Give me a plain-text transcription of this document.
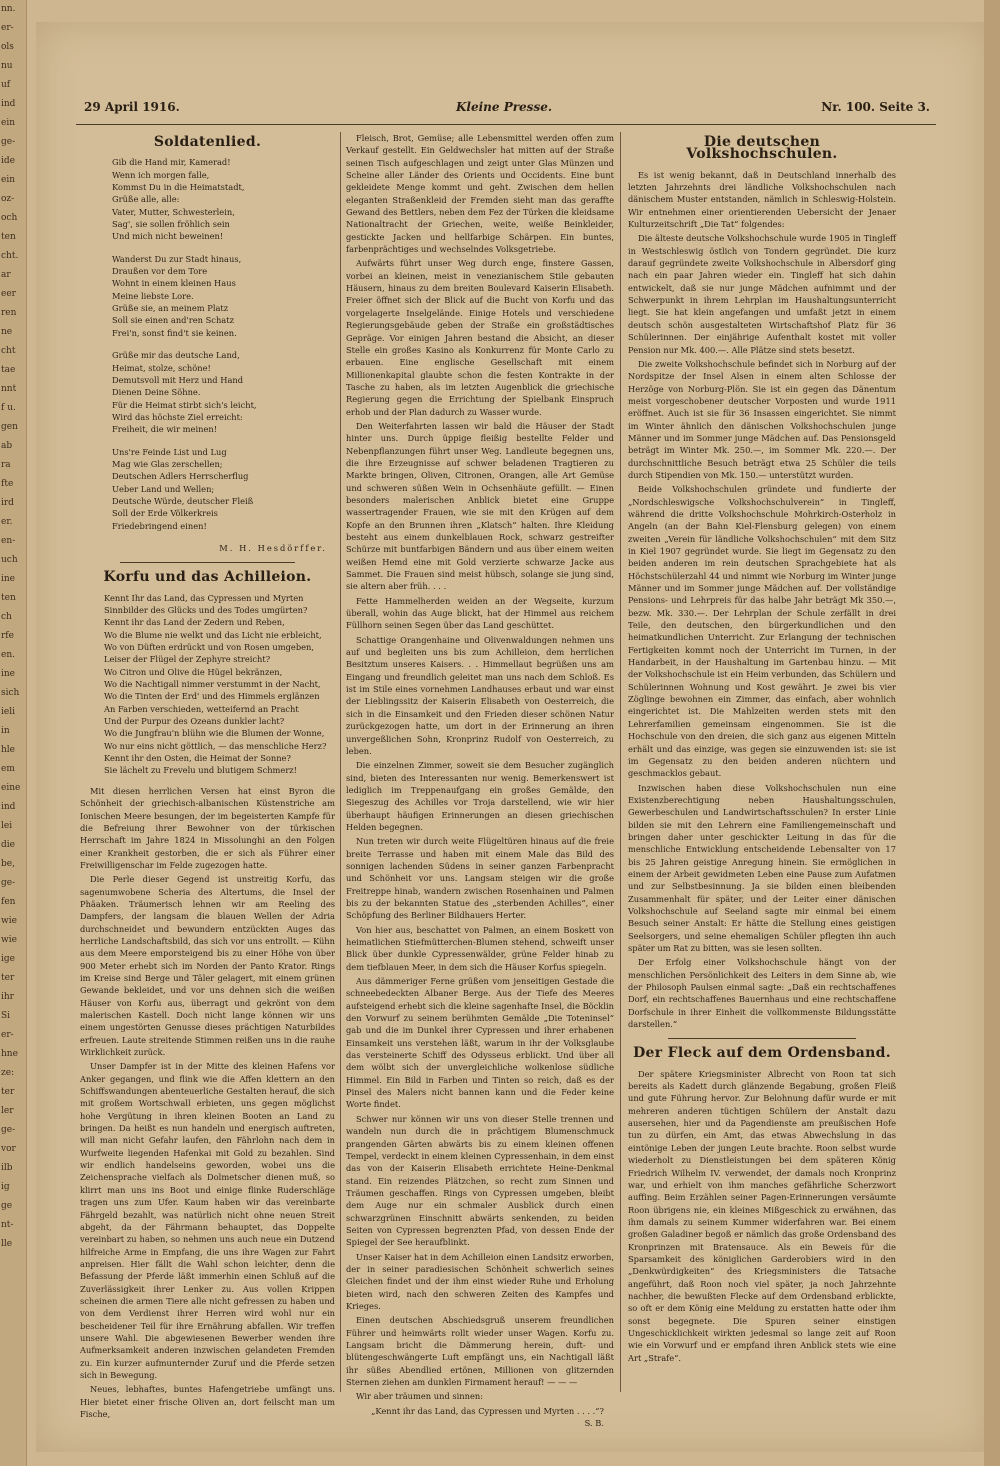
nn.
er-
ols
nu
uf
ind
ein
ge-
ide
ein
oz-
och
ten
cht.
ar
eer
ren
ne
cht
tae
nnt
f u.
gen
ab
ra
fte
ird
er.
en-
uch
ine
ten
ch
rfe
en.
ine
sich
ieli
in
hle
em
eine
ind
lei
die
be,
ge-
fen
wie
wie
ige
ter
ihr
Si
er-
hne
ze:
ter
ler
ge-
vor
ilb
ig
ge
nt-
lle
29 April 1916.	Kleine Presse.	Nr. 100. Seite 3.
Soldatenlied.
Gib die Hand mir, Kamerad!
Wenn ich morgen falle,
Kommst Du in die Heimatstadt,
Grüße alle, alle:
Vater, Mutter, Schwesterlein,
Sag', sie sollen fröhlich sein
Und mich nicht beweinen!
Wanderst Du zur Stadt hinaus,
Draußen vor dem Tore
Wohnt in einem kleinen Haus
Meine liebste Lore.
Grüße sie, an meinem Platz
Soll sie einen and'ren Schatz
Frei'n, sonst find't sie keinen.
Grüße mir das deutsche Land,
Heimat, stolze, schöne!
Demutsvoll mit Herz und Hand
Dienen Deine Söhne.
Für die Heimat stirbt sich's leicht,
Wird das höchste Ziel erreicht:
Freiheit, die wir meinen!
Uns're Feinde List und Lug
Mag wie Glas zerschellen;
Deutschen Adlers Herrscherflug
Ueber Land und Wellen;
Deutsche Würde, deutscher Fleiß
Soll der Erde Völkerkreis
Friedebringend einen!
M. H. Hesdörffer.
Korfu und das Achilleion.
Kennt Ihr das Land, das Cypressen und Myrten
Sinnbilder des Glücks und des Todes umgürten?
Kennt ihr das Land der Zedern und Reben,
Wo die Blume nie welkt und das Licht nie erbleicht,
Wo von Düften erdrückt und von Rosen umgeben,
Leiser der Flügel der Zephyre streicht?
Wo Citron und Olive die Hügel bekränzen,
Wo die Nachtigall nimmer verstummt in der Nacht,
Wo die Tinten der Erd' und des Himmels erglänzen
An Farben verschieden, wetteifernd an Pracht
Und der Purpur des Ozeans dunkler lacht?
Wo die Jungfrau'n blühn wie die Blumen der Wonne,
Wo nur eins nicht göttlich, — das menschliche Herz?
Kennt ihr den Osten, die Heimat der Sonne?
Sie lächelt zu Frevelu und blutigem Schmerz!

Mit diesen herrlichen Versen hat einst Byron die Schönheit der griechisch-albanischen Küstenstriche am Ionischen Meere besungen, der im begeisterten Kampfe für die Befreiung ihrer Bewohner von der türkischen Herrschaft im Jahre 1824 in Missolunghi an den Folgen einer Krankheit gestorben, die er sich als Führer einer Freiwilligenschar im Felde zugezogen hatte.

Die Perle dieser Gegend ist unstreitig Korfu, das sagenumwobene Scheria des Altertums, die Insel der Phäaken. Träumerisch lehnen wir am Reeling des Dampfers, der langsam die blauen Wellen der Adria durchschneidet und bewundern entzückten Auges das herrliche Landschaftsbild, das sich vor uns entrollt. — Kühn aus dem Meere emporsteigend bis zu einer Höhe von über 900 Meter erhebt sich im Norden der Panto Krator. Rings im Kreise sind Berge und Täler gelagert, mit einem grünen Gewande bekleidet, und vor uns dehnen sich die weißen Häuser von Korfu aus, überragt und gekrönt von dem malerischen Kastell. Doch nicht lange können wir uns einem ungestörten Genusse dieses prächtigen Naturbildes erfreuen. Laute streitende Stimmen reißen uns in die rauhe Wirklichkeit zurück.

Unser Dampfer ist in der Mitte des kleinen Hafens vor Anker gegangen, und flink wie die Affen klettern an den Schiffswandungen abenteuerliche Gestalten herauf, die sich mit großem Wortschwall erbieten, uns gegen möglichst hohe Vergütung in ihren kleinen Booten an Land zu bringen. Da heißt es nun handeln und energisch auftreten, will man nicht Gefahr laufen, den Fährlohn nach dem in Wurfweite liegenden Hafenkai mit Gold zu bezahlen. Sind wir endlich handelseins geworden, wobei uns die Zeichensprache vielfach als Dolmetscher dienen muß, so klirrt man uns ins Boot und einige flinke Ruderschläge tragen uns zum Ufer. Kaum haben wir das vereinbarte Fährgeld bezahlt, was natürlich nicht ohne neuen Streit abgeht, da der Fährmann behauptet, das Doppelte vereinbart zu haben, so nehmen uns auch neue ein Dutzend hilfreiche Arme in Empfang, die uns ihre Wagen zur Fahrt anpreisen. Hier fällt die Wahl schon leichter, denn die Befassung der Pferde läßt immerhin einen Schluß auf die Zuverlässigkeit ihrer Lenker zu. Aus vollen Krippen scheinen die armen Tiere alle nicht gefressen zu haben und von dem Verdienst ihrer Herren wird wohl nur ein bescheidener Teil für ihre Ernährung abfallen. Wir treffen unsere Wahl. Die abgewiesenen Bewerber wenden ihre Aufmerksamkeit anderen inzwischen gelandeten Fremden zu. Ein kurzer aufmunternder Zuruf und die Pferde setzen sich in Bewegung.

Neues, lebhaftes, buntes Hafengetriebe umfängt uns. Hier bietet einer frische Oliven an, dort feilscht man um Fische,

Fleisch, Brot, Gemüse; alle Lebensmittel werden offen zum Verkauf gestellt. Ein Geldwechsler hat mitten auf der Straße seinen Tisch aufgeschlagen und zeigt unter Glas Münzen und Scheine aller Länder des Orients und Occidents. Eine bunt gekleidete Menge kommt und geht. Zwischen dem hellen eleganten Straßenkleid der Fremden sieht man das geraffte Gewand des Bettlers, neben dem Fez der Türken die kleidsame Nationaltracht der Griechen, weite, weiße Beinkleider, gestickte Jacken und hellfarbige Schärpen. Ein buntes, farbenprächtiges und wechselndes Volksgetriebe.

Aufwärts führt unser Weg durch enge, finstere Gassen, vorbei an kleinen, meist in venezianischem Stile gebauten Häusern, hinaus zu dem breiten Boulevard Kaiserin Elisabeth. Freier öffnet sich der Blick auf die Bucht von Korfu und das vorgelagerte Inselgelände. Einige Hotels und verschiedene Regierungsgebäude geben der Straße ein großstädtisches Gepräge. Vor einigen Jahren bestand die Absicht, an dieser Stelle ein großes Kasino als Konkurrenz für Monte Carlo zu erbauen. Eine englische Gesellschaft mit einem Millionenkapital glaubte schon die festen Kontrakte in der Tasche zu haben, als im letzten Augenblick die griechische Regierung gegen die Errichtung der Spielbank Einspruch erhob und der Plan dadurch zu Wasser wurde.

Den Weiterfahrten lassen wir bald die Häuser der Stadt hinter uns. Durch üppige fleißig bestellte Felder und Nebenpflanzungen führt unser Weg. Landleute begegnen uns, die ihre Erzeugnisse auf schwer beladenen Tragtieren zu Markte bringen, Oliven, Citronen, Orangen, alle Art Gemüse und schweren süßen Wein in Ochsenhäute gefüllt. — Einen besonders malerischen Anblick bietet eine Gruppe wassertragender Frauen, wie sie mit den Krügen auf dem Kopfe an den Brunnen ihren „Klatsch“ halten. Ihre Kleidung besteht aus einem dunkelblauen Rock, schwarz gestreifter Schürze mit buntfarbigen Bändern und aus über einem weiten weißen Hemd eine mit Gold verzierte schwarze Jacke aus Sammet. Die Frauen sind meist hübsch, solange sie jung sind, sie altern aber früh. . . .

Fette Hammelherden weiden an der Wegseite, kurzum überall, wohin das Auge blickt, hat der Himmel aus reichem Füllhorn seinen Segen über das Land geschüttet.

Schattige Orangenhaine und Olivenwaldungen nehmen uns auf und begleiten uns bis zum Achilleion, dem herrlichen Besitztum unseres Kaisers. . . Himmellaut begrüßen uns am Eingang und freundlich geleitet man uns nach dem Schloß. Es ist im Stile eines vornehmen Landhauses erbaut und war einst der Lieblingssitz der Kaiserin Elisabeth von Oesterreich, die sich in die Einsamkeit und den Frieden dieser schönen Natur zurückgezogen hatte, um dort in der Erinnerung an ihren unvergeßlichen Sohn, Kronprinz Rudolf von Oesterreich, zu leben.

Die einzelnen Zimmer, soweit sie dem Besucher zugänglich sind, bieten des Interessanten nur wenig. Bemerkenswert ist lediglich im Treppenaufgang ein großes Gemälde, den Siegeszug des Achilles vor Troja darstellend, wie wir hier überhaupt häufigen Erinnerungen an diesen griechischen Helden begegnen.

Nun treten wir durch weite Flügeltüren hinaus auf die freie breite Terrasse und haben mit einem Male das Bild des sonnigen lachenden Südens in seiner ganzen Farbenpracht und Schönheit vor uns. Langsam steigen wir die große Freitreppe hinab, wandern zwischen Rosenhainen und Palmen bis zu der bekannten Statue des „sterbenden Achilles“, einer Schöpfung des Berliner Bildhauers Herter.

Von hier aus, beschattet von Palmen, an einem Boskett von heimatlichen Stiefmütterchen-Blumen stehend, schweift unser Blick über dunkle Cypressenwälder, grüne Felder hinab zu dem tiefblauen Meer, in dem sich die Häuser Korfus spiegeln.

Aus dämmeriger Ferne grüßen vom jenseitigen Gestade die schneebedeckten Albaner Berge. Aus der Tiefe des Meeres aufsteigend erhebt sich die kleine sagenhafte Insel, die Böcklin den Vorwurf zu seinem berühmten Gemälde „Die Toteninsel“ gab und die im Dunkel ihrer Cypressen und ihrer erhabenen Einsamkeit uns verstehen läßt, warum in ihr der Volksglaube das versteinerte Schiff des Odysseus erblickt. Und über all dem wölbt sich der unvergleichliche wolkenlose südliche Himmel. Ein Bild in Farben und Tinten so reich, daß es der Pinsel des Malers nicht bannen kann und die Feder keine Worte findet.

Schwer nur können wir uns von dieser Stelle trennen und wandeln nun durch die in prächtigem Blumenschmuck prangenden Gärten abwärts bis zu einem kleinen offenen Tempel, verdeckt in einem kleinen Cypressenhain, in dem einst das von der Kaiserin Elisabeth errichtete Heine-Denkmal stand. Ein reizendes Plätzchen, so recht zum Sinnen und Träumen geschaffen. Rings von Cypressen umgeben, bleibt dem Auge nur ein schmaler Ausblick durch einen schwarzgrünen Einschnitt abwärts senkenden, zu beiden Seiten von Cypressen begrenzten Pfad, von dessen Ende der Spiegel der See heraufblinkt.

Unser Kaiser hat in dem Achilleion einen Landsitz erworben, der in seiner paradiesischen Schönheit schwerlich seines Gleichen findet und der ihm einst wieder Ruhe und Erholung bieten wird, nach den schweren Zeiten des Kampfes und Krieges.

Einen deutschen Abschiedsgruß unserem freundlichen Führer und heimwärts rollt wieder unser Wagen. Korfu zu. Langsam bricht die Dämmerung herein, duft- und blütengeschwängerte Luft empfängt uns, ein Nachtigall läßt ihr süßes Abendlied ertönen, Millionen von glitzernden Sternen ziehen am dunklen Firmament herauf! — — —

Wir aber träumen und sinnen:

„Kennt ihr das Land, das Cypressen und Myrten . . . .“?
S. B.
Die deutschen Volkshochschulen.

Es ist wenig bekannt, daß in Deutschland innerhalb des letzten Jahrzehnts drei ländliche Volkshochschulen nach dänischem Muster entstanden, nämlich in Schleswig-Holstein. Wir entnehmen einer orientierenden Uebersicht der Jenaer Kulturzeitschrift „Die Tat“ folgendes:

Die älteste deutsche Volkshochschule wurde 1905 in Tingleff in Westschleswig östlich von Tondern gegründet. Die kurz darauf gegründete zweite Volkshochschule in Albersdorf ging nach ein paar Jahren wieder ein. Tingleff hat sich dahin entwickelt, daß sie nur junge Mädchen aufnimmt und der Schwerpunkt in ihrem Lehrplan im Haushaltungsunterricht liegt. Sie hat klein angefangen und umfaßt jetzt in einem deutsch schön ausgestalteten Wirtschaftshof Platz für 36 Schülerinnen. Der einjährige Aufenthalt kostet mit voller Pension nur Mk. 400.—. Alle Plätze sind stets besetzt.

Die zweite Volkshochschule befindet sich in Norburg auf der Nordspitze der Insel Alsen in einem alten Schlosse der Herzöge von Norburg-Plön. Sie ist ein gegen das Dänentum meist vorgeschobener deutscher Vorposten und wurde 1911 eröffnet. Auch ist sie für 36 Insassen eingerichtet. Sie nimmt im Winter ähnlich den dänischen Volkshochschulen junge Männer und im Sommer junge Mädchen auf. Das Pensionsgeld beträgt im Winter Mk. 250.—, im Sommer Mk. 220.—. Der durchschnittliche Besuch beträgt etwa 25 Schüler die teils durch Stipendien von Mk. 150.— unterstützt wurden.

Beide Volkshochschulen gründete und fundierte der „Nordschleswigsche Volkshochschulverein“ in Tingleff, während die dritte Volkshochschule Mohrkirch-Osterholz in Angeln (an der Bahn Kiel-Flensburg gelegen) von einem zweiten „Verein für ländliche Volkshochschulen“ mit dem Sitz in Kiel 1907 gegründet wurde. Sie liegt im Gegensatz zu den beiden anderen im rein deutschen Sprachgebiete hat als Höchstschülerzahl 44 und nimmt wie Norburg im Winter junge Männer und im Sommer junge Mädchen auf. Der vollständige Pensions- und Lehrpreis für das halbe Jahr beträgt Mk 350.—, bezw. Mk. 330.—. Der Lehrplan der Schule zerfällt in drei Teile, den deutschen, den bürgerkundlichen und den heimatkundlichen Unterricht. Zur Erlangung der technischen Fertigkeiten kommt noch der Unterricht im Turnen, in der Handarbeit, in der Haushaltung im Gartenbau hinzu. — Mit der Volkshochschule ist ein Heim verbunden, das Schülern und Schülerinnen Wohnung und Kost gewährt. Je zwei bis vier Zöglinge bewohnen ein Zimmer, das einfach, aber wohnlich eingerichtet ist. Die Mahlzeiten werden stets mit den Lehrerfamilien gemeinsam eingenommen. Sie ist die Hochschule von den dreien, die sich ganz aus eigenen Mitteln erhält und das einzige, was gegen sie einzuwenden ist: sie ist im Gegensatz zu den beiden anderen nüchtern und geschmacklos gebaut.

Inzwischen haben diese Volkshochschulen nun eine Existenzberechtigung neben Haushaltungsschulen, Gewerbeschulen und Landwirtschaftsschulen? In erster Linie bilden sie mit den Lehrern eine Familiengemeinschaft und bringen daher unter geschickter Leitung in das für die menschliche Entwicklung entscheidende Lebensalter von 17 bis 25 Jahren geistige Anregung hinein. Sie ermöglichen in einem der Arbeit gewidmeten Leben eine Pause zum Aufatmen und zur Selbstbesinnung. Ja sie bilden einen bleibenden Zusammenhalt für später, und der Leiter einer dänischen Volkshochschule auf Seeland sagte mir einmal bei einem Besuch seiner Anstalt: Er hätte die Stellung eines geistigen Seelsorgers, und seine ehemaligen Schüler pflegten ihn auch später um Rat zu bitten, was sie lesen sollten.

Der Erfolg einer Volkshochschule hängt von der menschlichen Persönlichkeit des Leiters in dem Sinne ab, wie der Philosoph Paulsen einmal sagte: „Daß ein rechtschaffenes Dorf, ein rechtschaffenes Bauernhaus und eine rechtschaffene Dorfschule in ihrer Einheit die vollkommenste Bildungsstätte darstellen.“

Der Fleck auf dem Ordensband.

Der spätere Kriegsminister Albrecht von Roon tat sich bereits als Kadett durch glänzende Begabung, großen Fleiß und gute Führung hervor. Zur Belohnung dafür wurde er mit mehreren anderen tüchtigen Schülern der Anstalt dazu ausersehen, hier und da Pagendienste am preußischen Hofe tun zu dürfen, ein Amt, das etwas Abwechslung in das eintönige Leben der jungen Leute brachte. Roon selbst wurde wiederholt zu Dienstleistungen bei dem späteren König Friedrich Wilhelm IV. verwendet, der damals noch Kronprinz war, und erhielt von ihm manches gefährliche Scherzwort auffing. Beim Erzählen seiner Pagen-Erinnerungen versäumte Roon übrigens nie, ein kleines Mißgeschick zu erwähnen, das ihm damals zu seinem Kummer widerfahren war. Bei einem großen Galadiner begoß er nämlich das große Ordensband des Kronprinzen mit Bratensauce. Als ein Beweis für die Sparsamkeit des königlichen Garderobiers wird in den „Denkwürdigkeiten“ des Kriegsministers die Tatsache angeführt, daß Roon noch viel später, ja noch Jahrzehnte nachher, die bewußten Flecke auf dem Ordensband erblickte, so oft er dem König eine Meldung zu erstatten hatte oder ihm sonst begegnete. Die Spuren seiner einstigen Ungeschicklichkeit wirkten jedesmal so lange zeit auf Roon wie ein Vorwurf und er empfand ihren Anblick stets wie eine Art „Strafe“.
